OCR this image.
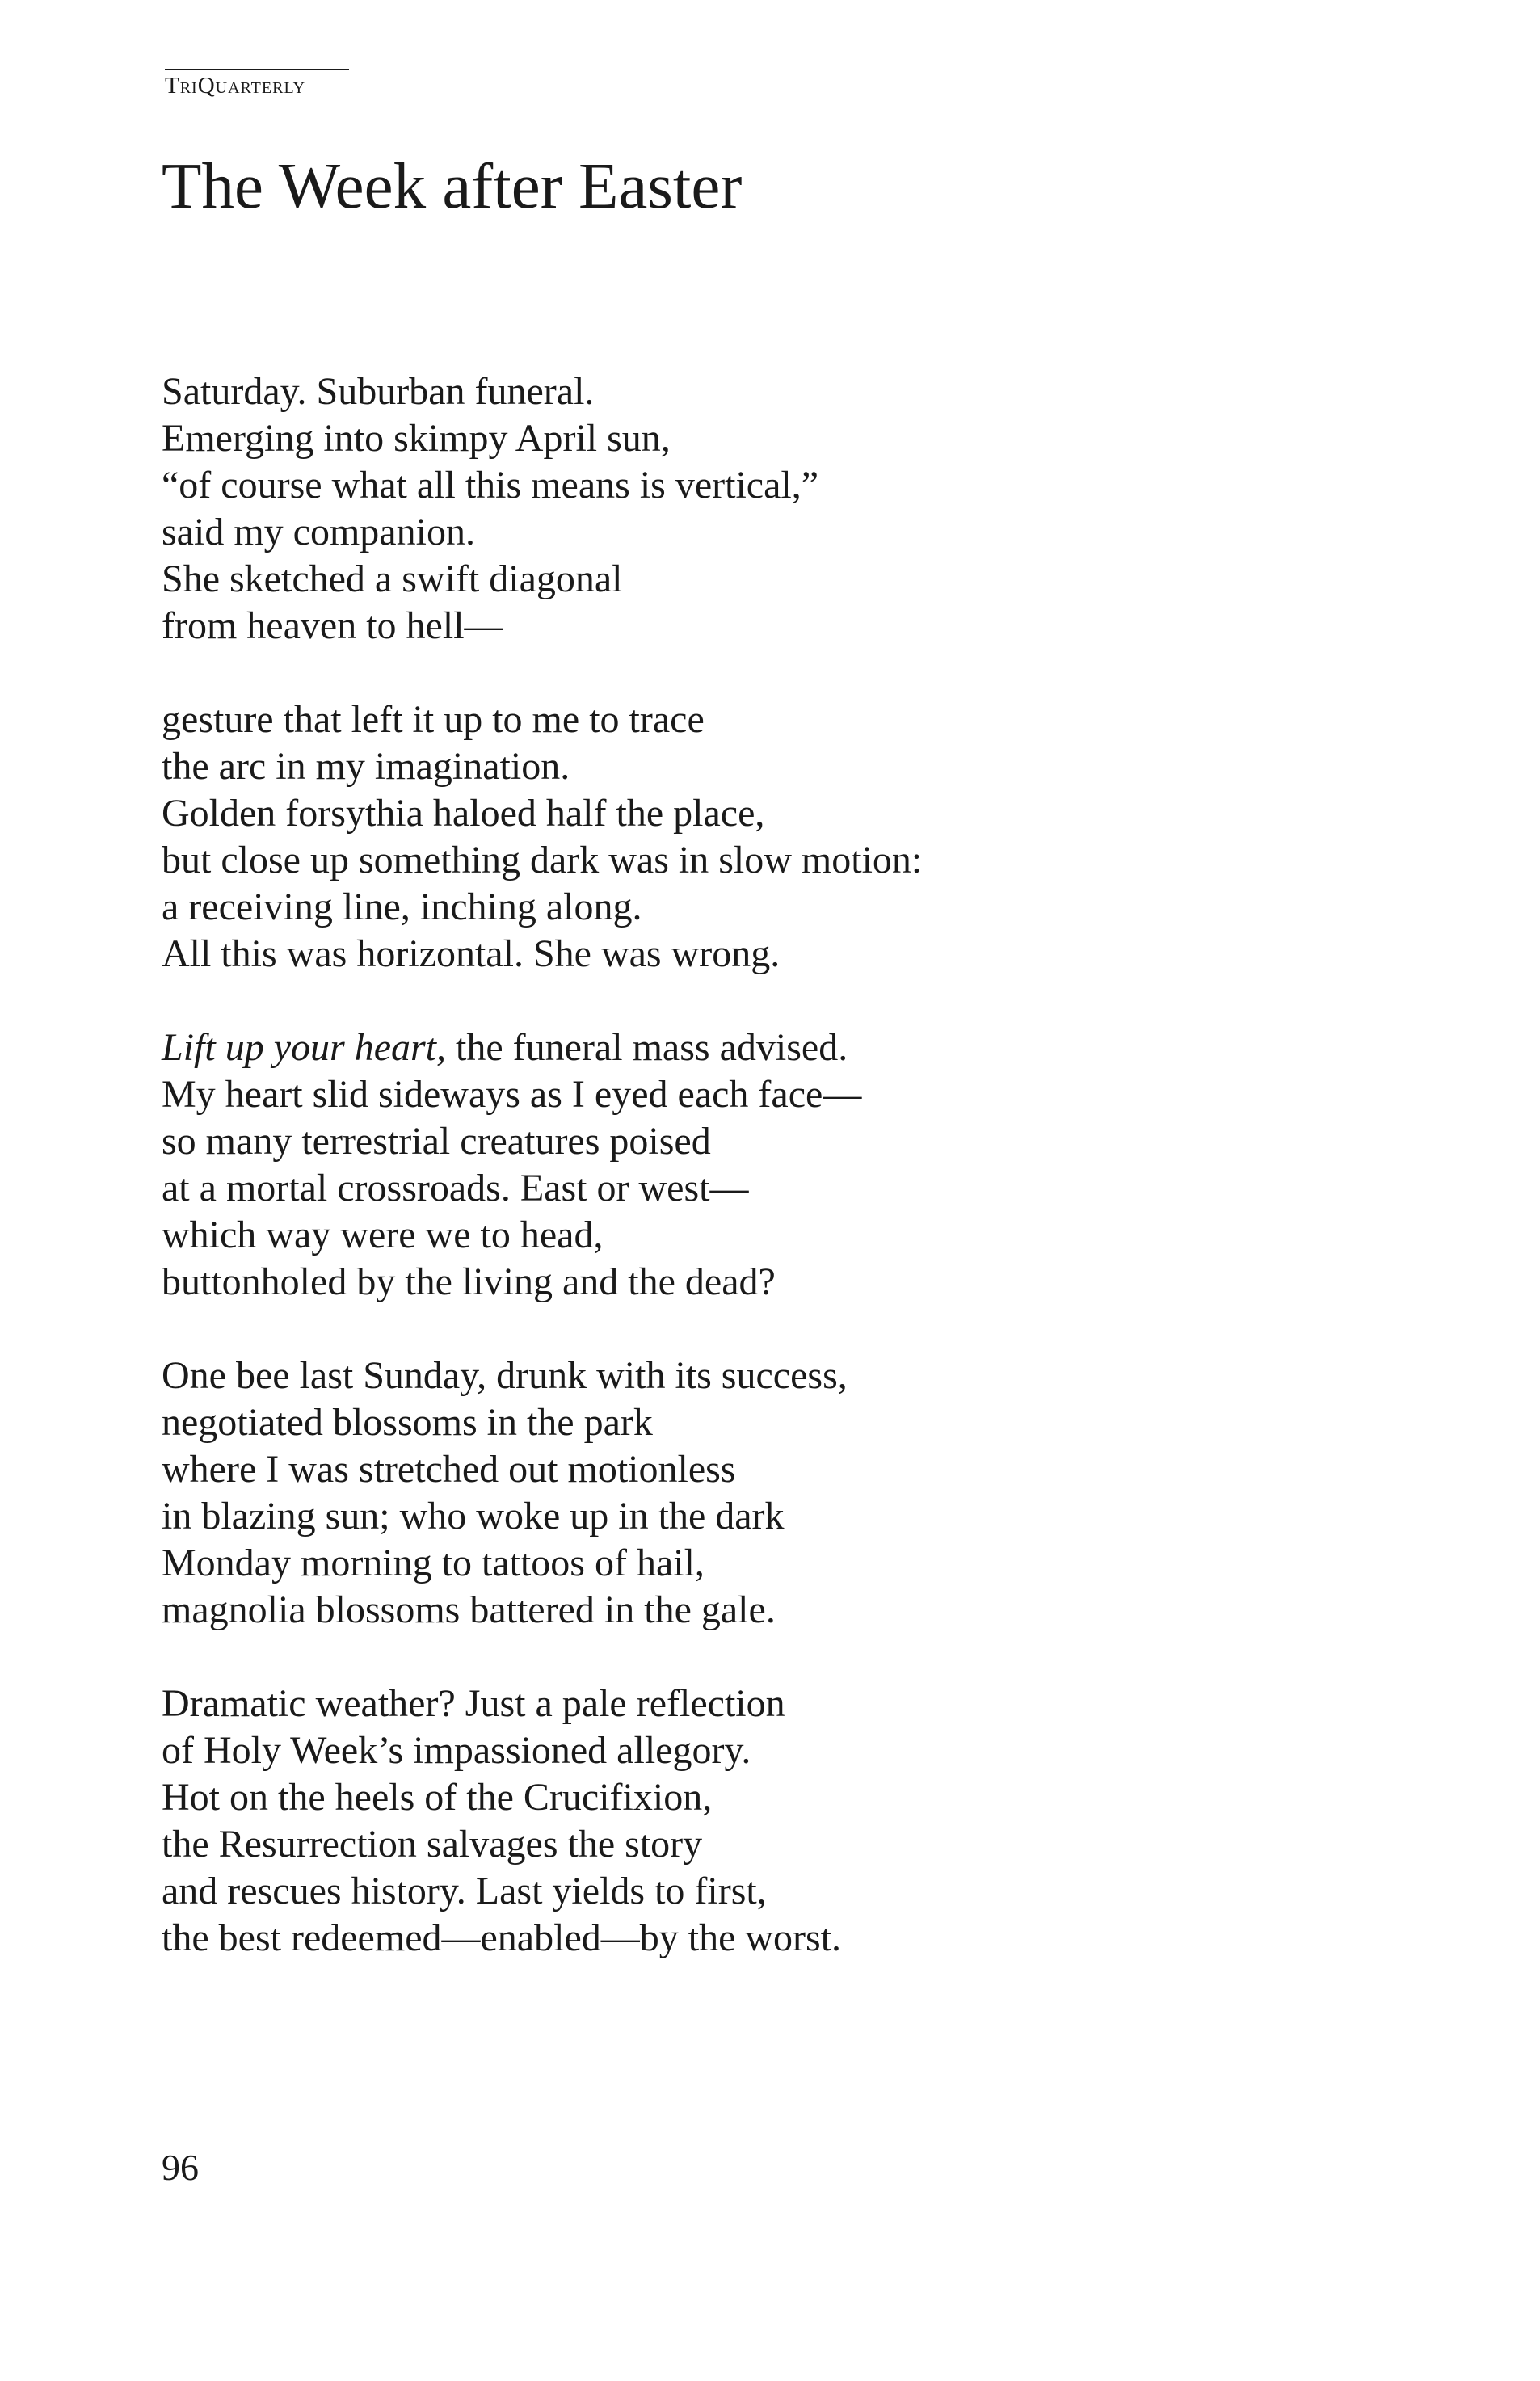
TriQuarterly
The Week after Easter
Saturday. Suburban funeral.
Emerging into skimpy April sun,
“of course what all this means is vertical,”
said my companion.
She sketched a swift diagonal
from heaven to hell—
gesture that left it up to me to trace
the arc in my imagination.
Golden forsythia haloed half the place,
but close up something dark was in slow motion:
a receiving line, inching along.
All this was horizontal. She was wrong.
Lift up your heart, the funeral mass advised.
My heart slid sideways as I eyed each face—
so many terrestrial creatures poised
at a mortal crossroads. East or west—
which way were we to head,
buttonholed by the living and the dead?
One bee last Sunday, drunk with its success,
negotiated blossoms in the park
where I was stretched out motionless
in blazing sun; who woke up in the dark
Monday morning to tattoos of hail,
magnolia blossoms battered in the gale.
Dramatic weather? Just a pale reflection
of Holy Week’s impassioned allegory.
Hot on the heels of the Crucifixion,
the Resurrection salvages the story
and rescues history. Last yields to first,
the best redeemed—enabled—by the worst.
96
